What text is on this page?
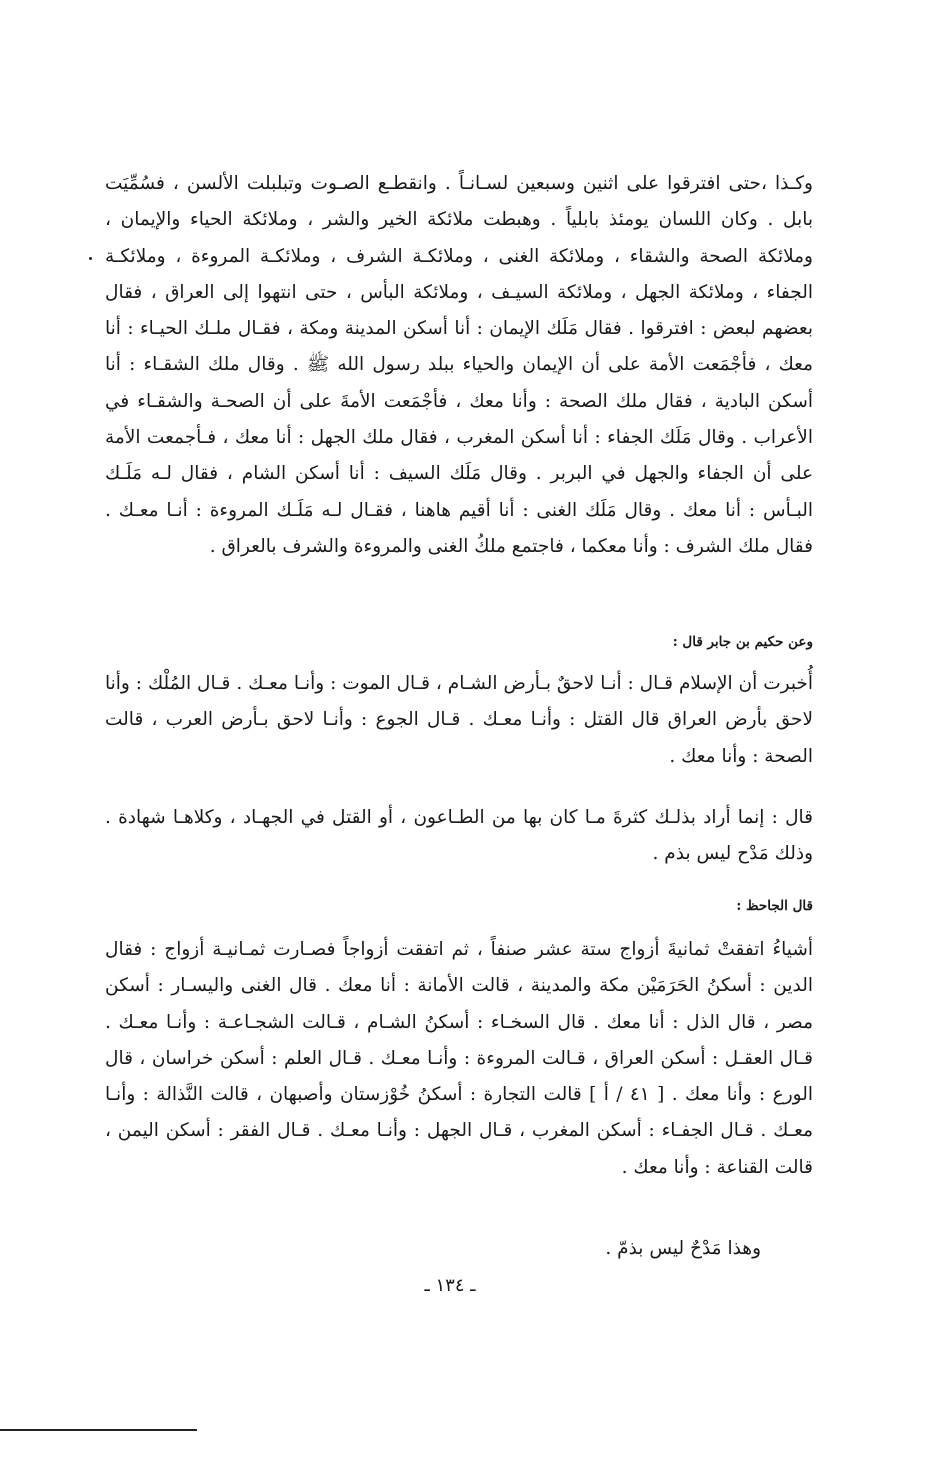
وكـذا ،حتى افترقوا على اثنين وسبعين لسـانـاً . وانقطـع الصـوت وتبلبلت الألسن ، فسُمِّيَت بابل . وكان اللسان يومئذ بابلياً . وهبطت ملائكة الخير والشر ، وملائكة الحياء والإيمان ، وملائكة الصحة والشقاء ، وملائكة الغنى ، وملائكـة الشرف ، وملائكـة المروءة ، وملائكـة الجفاء ، وملائكة الجهل ، وملائكة السيـف ، وملائكة البأس ، حتى انتهوا إلى العراق ، فقال بعضهم لبعض : افترقوا . فقال مَلَك الإيمان : أنا أسكن المدينة ومكة ، فقـال ملـك الحيـاء : أنا معك ، فأجْمَعت الأمة على أن الإيمان والحياء ببلد رسول الله ﷺ . وقال ملك الشقـاء : أنا أسكن البادية ، فقال ملك الصحة : وأنا معك ، فأجْمَعت الأمةَ على أن الصحـة والشقـاء في الأعراب . وقال مَلَك الجفاء : أنا أسكن المغرب ، فقال ملك الجهل : أنا معك ، فـأجمعت الأمة على أن الجفاء والجهل في البربر . وقال مَلَك السيف : أنا أسكن الشام ، فقال لـه مَلَـك البـأس : أنا معك . وقال مَلَك الغنى : أنا أقيم هاهنا ، فقـال لـه مَلَـك المروءة : أنـا معـك . فقال ملك الشرف : وأنا معكما ، فاجتمع ملكُ الغنى والمروءة والشرف بالعراق .

وعن حكيم بن جابر قال :

أُخبرت أن الإسلام قـال : أنـا لاحقٌ بـأرض الشـام ، قـال الموت : وأنـا معـك . قـال المُلْك : وأنا لاحق بأرض العراق قال القتل : وأنـا معـك . قـال الجوع : وأنـا لاحق بـأرض العرب ، قالت الصحة : وأنا معك .

قال : إنما أراد بذلـك كثرةَ مـا كان بها من الطـاعون ، أو القتل في الجهـاد ، وكلاهـا شهادة . وذلك مَدْح ليس بذم .

قال الجاحظ :

أشياءُ اتفقتْ ثمانيةَ أزواج ستة عشر صنفاً ، ثم اتفقت أزواجاً فصـارت ثمـانيـة أزواج : فقال الدين : أسكنُ الحَرَمَيْن مكة والمدينة ، قالت الأمانة : أنا معك . قال الغنى واليسـار : أسكن مصر ، قال الذل : أنا معك . قال السخـاء : أسكنُ الشـام ، قـالت الشجـاعـة : وأنـا معـك . قـال العقـل : أسكن العراق ، قـالت المروءة : وأنـا معـك . قـال العلم : أسكن خراسان ، قال الورع : وأنا معك . [ ٤١ / أ ] قالت التجارة : أسكنُ خُوْزستان وأصبهان ، قالت النَّذالة : وأنـا معـك . قـال الجفـاء : أسكن المغرب ، قـال الجهل : وأنـا معـك . قـال الفقر : أسكن اليمن ، قالت القناعة : وأنا معك .

وهذا مَدْحٌ ليس بذمّ .
ـ ١٣٤ ـ
